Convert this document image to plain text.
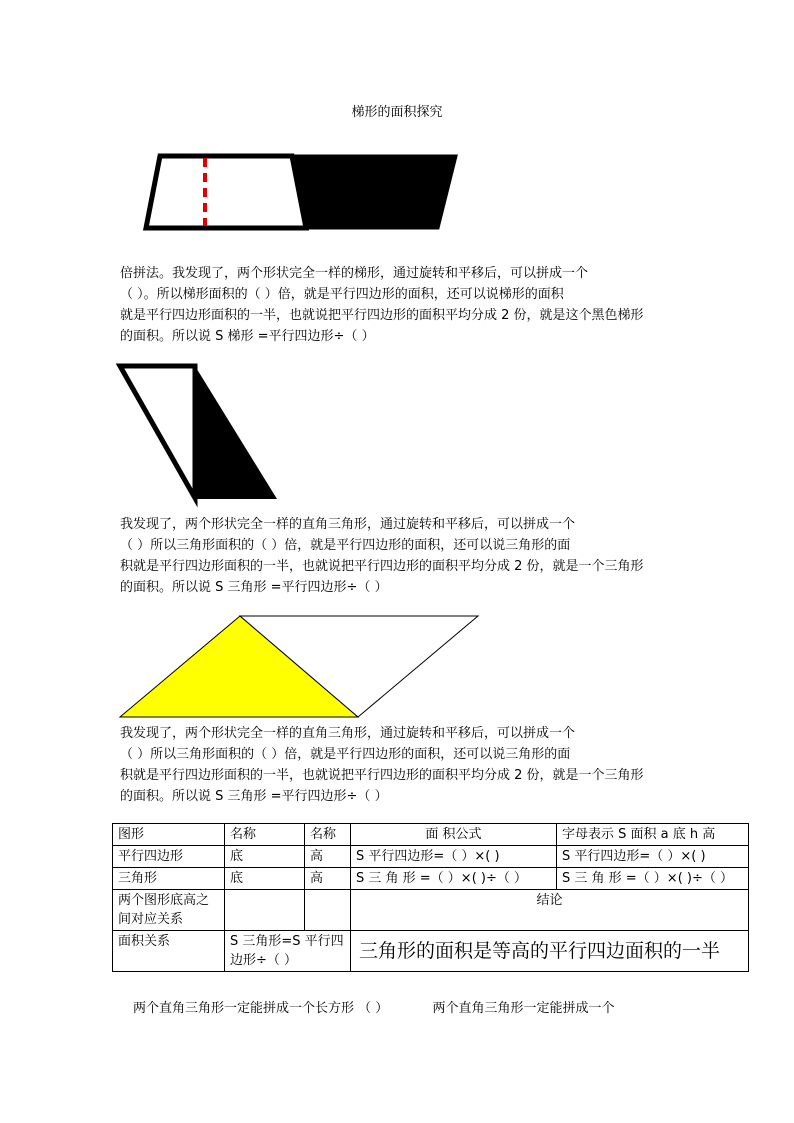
梯形的面积探究
倍拼法。我发现了，两个形状完全一样的梯形，通过旋转和平移后，可以拼成一个
（ ）。所以梯形面积的（ ）倍，就是平行四边形的面积，还可以说梯形的面积
就是平行四边形面积的一半，也就说把平行四边形的面积平均分成 2 份，就是这个黑色梯形
的面积。所以说 S 梯形 =平行四边形÷（ ）
我发现了，两个形状完全一样的直角三角形，通过旋转和平移后，可以拼成一个
（ ）所以三角形面积的（ ）倍，就是平行四边形的面积，还可以说三角形的面
积就是平行四边形面积的一半，也就说把平行四边形的面积平均分成 2 份，就是一个三角形
的面积。所以说 S 三角形 =平行四边形÷（ ）
我发现了，两个形状完全一样的直角三角形，通过旋转和平移后，可以拼成一个
（ ）所以三角形面积的（ ）倍，就是平行四边形的面积，还可以说三角形的面
积就是平行四边形面积的一半，也就说把平行四边形的面积平均分成 2 份，就是一个三角形
的面积。所以说 S 三角形 =平行四边形÷（ ）
图形	名称	名称	面 积公式	字母表示 S 面积 a 底 h 高
平行四边形	底	高	S 平行四边形=（ ）×( )	S 平行四边形=（ ）×( )
三角形	底	高	S 三 角 形 =（ ）×( )÷（ ）	S 三 角 形 =（ ）×( )÷（ ）
两个图形底高之间对应关系			结论	
面积关系	S 三角形=S 平行四边形÷（ ）		三角形的面积是等高的平行四边面积的一半	
两个直角三角形一定能拼成一个长方形 （ ）	两个直角三角形一定能拼成一个
